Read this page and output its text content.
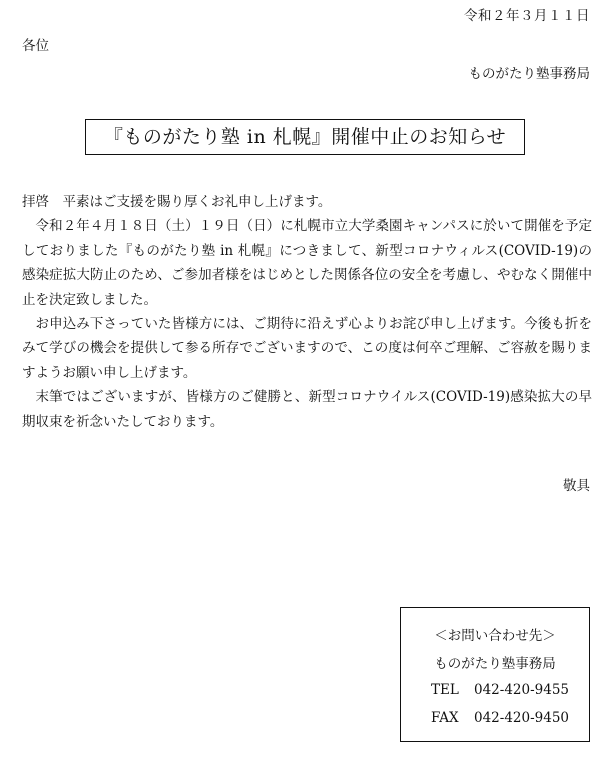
令和２年３月１１日
各位
ものがたり塾事務局
『ものがたり塾 in 札幌』開催中止のお知らせ

拝啓　平素はご支援を賜り厚くお礼申し上げます。

令和２年４月１８日（土）１９日（日）に札幌市立大学桑園キャンパスに於いて開催を予定しておりました『ものがたり塾 in 札幌』につきまして、新型コロナウィルス(COVID-19)の感染症拡大防止のため、ご参加者様をはじめとした関係各位の安全を考慮し、やむなく開催中止を決定致しました。

お申込み下さっていた皆様方には、ご期待に沿えず心よりお詫び申し上げます。今後も折をみて学びの機会を提供して参る所存でございますので、この度は何卒ご理解、ご容赦を賜りますようお願い申し上げます。

末筆ではございますが、皆様方のご健勝と、新型コロナウイルス(COVID-19)感染拡大の早期収束を祈念いたしております。

敬具
＜お問い合わせ先＞
ものがたり塾事務局
TEL 042-420-9455
FAX 042-420-9450
